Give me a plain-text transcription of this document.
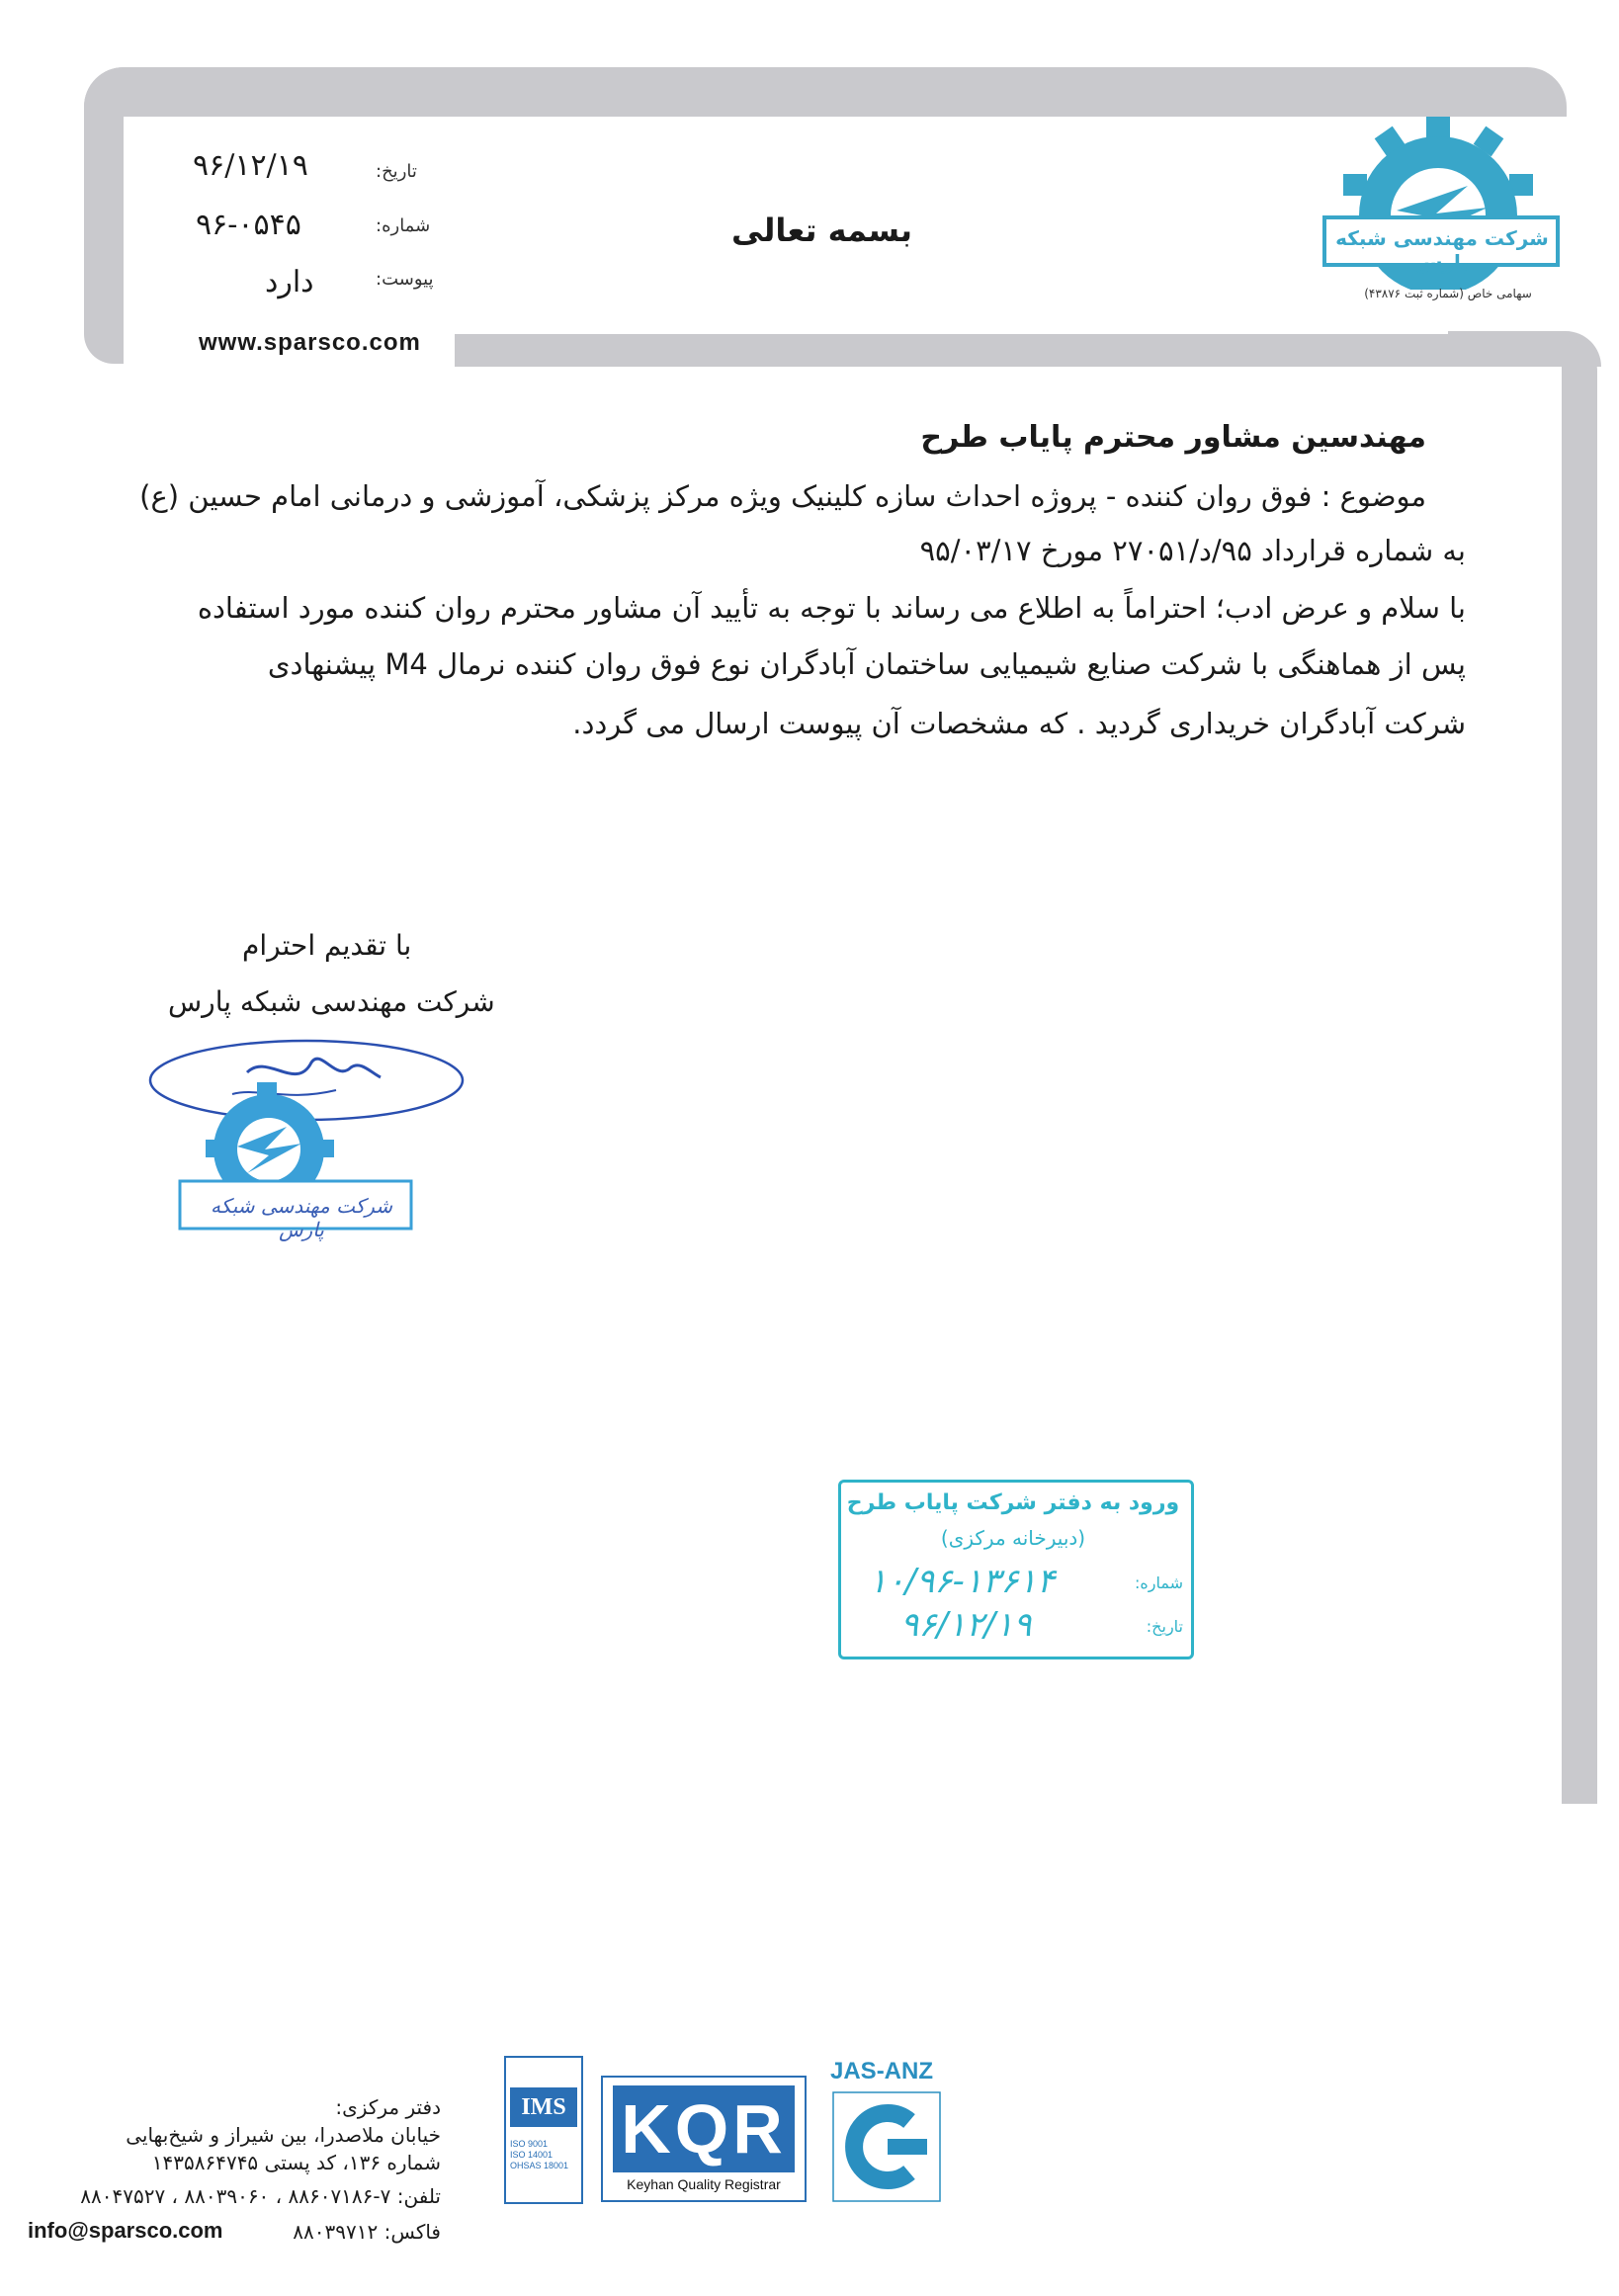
تاریخ:
۹۶/۱۲/۱۹
شماره:
۹۶-۰۵۴۵
پیوست:
دارد
www.sparsco.com
بسمه تعالی	شرکت مهندسی شبکه پارس
سهامی خاص (شماره ثبت ۴۳۸۷۶)
مهندسین مشاور محترم پایاب طرح
موضوع : فوق روان کننده - پروژه احداث سازه کلینیک ویژه مرکز پزشکی، آموزشی و درمانی امام حسین (ع)
به شماره قرارداد ۹۵/د/۲۷۰۵۱ مورخ ۹۵/۰۳/۱۷
با سلام و عرض ادب؛ احتراماً به اطلاع می رساند با توجه به تأیید آن مشاور محترم روان کننده مورد استفاده
پس از هماهنگی با شرکت صنایع شیمیایی ساختمان آبادگران نوع فوق روان کننده نرمال M4 پیشنهادی
شرکت آبادگران خریداری گردید . که مشخصات آن پیوست ارسال می گردد.
با تقدیم احترام
شرکت مهندسی شبکه پارس
شرکت مهندسی شبکه پارس
ورود به دفتر شرکت پایاب طرح
(دبیرخانه مرکزی)
شماره:
۱۰/۹۶-۱۳۶۱۴
تاریخ:
۹۶/۱۲/۱۹
دفتر مرکزی:
خیابان ملاصدرا، بین شیراز و شیخ‌بهایی
شماره ۱۳۶، کد پستی ۱۴۳۵۸۶۴۷۴۵
تلفن: ۷-۸۸۶۰۷۱۸۶ ، ۸۸۰۳۹۰۶۰ ، ۸۸۰۴۷۵۲۷
فاکس: ۸۸۰۳۹۷۱۲
info@sparsco.com
IMS
ISO 9001
ISO 14001
OHSAS 18001 KQR
Keyhan Quality Registrar
JAS-ANZ
